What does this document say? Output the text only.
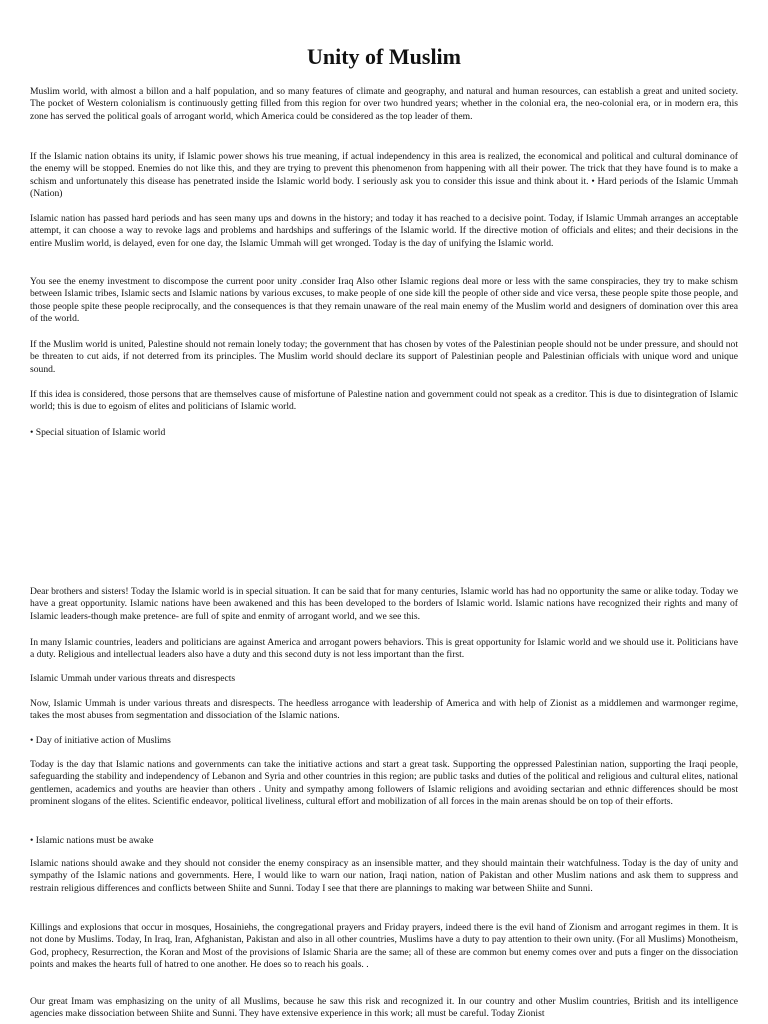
Unity of Muslim

Muslim world, with almost a billon and a half population, and so many features of climate and geography, and natural and human resources, can establish a great and united society. The pocket of Western colonialism is continuously getting filled from this region for over two hundred years; whether in the colonial era, the neo-colonial era, or in modern era, this zone has served the political goals of arrogant world, which America could be considered as the top leader of them.

If the Islamic nation obtains its unity, if Islamic power shows his true meaning, if actual independency in this area is realized, the economical and political and cultural dominance of the enemy will be stopped. Enemies do not like this, and they are trying to prevent this phenomenon from happening with all their power. The trick that they have found is to make a schism and unfortunately this disease has penetrated inside the Islamic world body. I seriously ask you to consider this issue and think about it. • Hard periods of the Islamic Ummah (Nation)

Islamic nation has passed hard periods and has seen many ups and downs in the history; and today it has reached to a decisive point. Today, if Islamic Ummah arranges an acceptable attempt, it can choose a way to revoke lags and problems and hardships and sufferings of the Islamic world. If the directive motion of officials and elites; and their decisions in the entire Muslim world, is delayed, even for one day, the Islamic Ummah will get wronged. Today is the day of unifying the Islamic world.

You see the enemy investment to discompose the current poor unity .consider Iraq Also other Islamic regions deal more or less with the same conspiracies, they try to make schism between Islamic tribes, Islamic sects and Islamic nations by various excuses, to make people of one side kill the people of other side and vice versa, these people spite those people, and those people spite these people reciprocally, and the consequences is that they remain unaware of the real main enemy of the Muslim world and designers of domination over this area of the world.

If the Muslim world is united, Palestine should not remain lonely today; the government that has chosen by votes of the Palestinian people should not be under pressure, and should not be threaten to cut aids, if not deterred from its principles. The Muslim world should declare its support of Palestinian people and Palestinian officials with unique word and unique sound.

If this idea is considered, those persons that are themselves cause of misfortune of Palestine nation and government could not speak as a creditor. This is due to disintegration of Islamic world; this is due to egoism of elites and politicians of Islamic world.

• Special situation of Islamic world

Dear brothers and sisters! Today the Islamic world is in special situation. It can be said that for many centuries, Islamic world has had no opportunity the same or alike today. Today we have a great opportunity. Islamic nations have been awakened and this has been developed to the borders of Islamic world. Islamic nations have recognized their rights and many of Islamic leaders-though make pretence- are full of spite and enmity of arrogant world, and we see this.

In many Islamic countries, leaders and politicians are against America and arrogant powers behaviors. This is great opportunity for Islamic world and we should use it. Politicians have a duty. Religious and intellectual leaders also have a duty and this second duty is not less important than the first.

Islamic Ummah under various threats and disrespects

Now, Islamic Ummah is under various threats and disrespects. The heedless arrogance with leadership of America and with help of Zionist as a middlemen and warmonger regime, takes the most abuses from segmentation and dissociation of the Islamic nations.

• Day of initiative action of Muslims

Today is the day that Islamic nations and governments can take the initiative actions and start a great task. Supporting the oppressed Palestinian nation, supporting the Iraqi people, safeguarding the stability and independency of Lebanon and Syria and other countries in this region; are public tasks and duties of the political and religious and cultural elites, national gentlemen, academics and youths are heavier than others . Unity and sympathy among followers of Islamic religions and avoiding sectarian and ethnic differences should be most prominent slogans of the elites. Scientific endeavor, political liveliness, cultural effort and mobilization of all forces in the main arenas should be on top of their efforts.

• Islamic nations must be awake

Islamic nations should awake and they should not consider the enemy conspiracy as an insensible matter, and they should maintain their watchfulness. Today is the day of unity and sympathy of the Islamic nations and governments. Here, I would like to warn our nation, Iraqi nation, nation of Pakistan and other Muslim nations and ask them to suppress and restrain religious differences and conflicts between Shiite and Sunni. Today I see that there are plannings to making war between Shiite and Sunni.

Killings and explosions that occur in mosques, Hosainiehs, the congregational prayers and Friday prayers, indeed there is the evil hand of Zionism and arrogant regimes in them. It is not done by Muslims. Today, In Iraq, Iran, Afghanistan, Pakistan and also in all other countries, Muslims have a duty to pay attention to their own unity. (For all Muslims) Monotheism, God, prophecy, Resurrection, the Koran and Most of the provisions of Islamic Sharia are the same; all of these are common but enemy comes over and puts a finger on the dissociation points and makes the hearts full of hatred to one another. He does so to reach his goals. .

Our great Imam was emphasizing on the unity of all Muslims, because he saw this risk and recognized it. In our country and other Muslim countries, British and its intelligence agencies make dissociation between Shiite and Sunni. They have extensive experience in this work; all must be careful. Today Zionist
